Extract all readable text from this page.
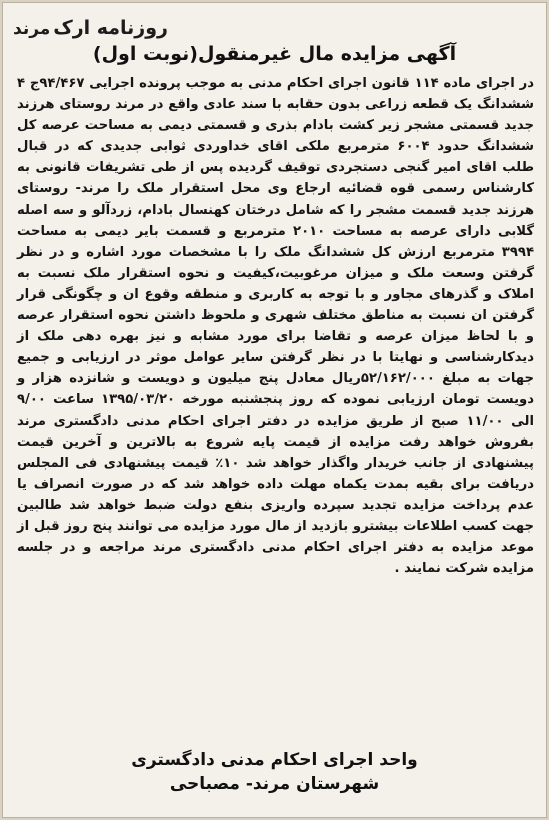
روزنامه ارک
مرند
آگهی مزایده مال غیرمنقول(نوبت اول)

در اجرای ماده ۱۱۴ قانون اجرای احکام مدنی به موجب پرونده اجرایی ۹۴/۴۶۷ج ۴ ششدانگ یک قطعه زراعی بدون حقابه با سند عادی واقع در مرند روستای هرزند جدید قسمتی مشجر زیر کشت بادام بذری و قسمتی دیمی به مساحت عرصه کل ششدانگ حدود ۶۰۰۴ مترمربع ملکی اقای خداوردی ثوابی جدیدی که در قبال طلب اقای امیر گنجی دستجردی توقیف گردیده پس از طی تشریفات قانونی به کارشناس رسمی قوه قضائیه ارجاع وی محل استقرار ملک را مرند- روستای هرزند جدید قسمت مشجر را که شامل درختان کهنسال بادام، زردآلو و سه اصله گلابی دارای عرصه به مساحت ۲۰۱۰ مترمربع و قسمت بایر دیمی به مساحت ۳۹۹۴ مترمربع ارزش کل ششدانگ ملک را با مشخصات مورد اشاره و در نظر گرفتن وسعت ملک و میزان مرغوبیت،کیفیت و نحوه استقرار ملک نسبت به املاک و گذرهای مجاور و با توجه به کاربری و منطقه وقوع ان و چگونگی قرار گرفتن ان نسبت به مناطق مختلف شهری و ملحوظ داشتن نحوه استقرار عرصه و با لحاظ میزان عرصه و تقاضا برای مورد مشابه و نیز بهره دهی ملک از دیدکارشناسی و نهایتا با در نظر گرفتن سایر عوامل موثر در ارزیابی و جمیع جهات به مبلغ ۵۲/۱۶۲/۰۰۰ریال معادل پنج میلیون و دویست و شانزده هزار و دویست تومان ارزیابی نموده که روز پنجشنبه مورخه ۱۳۹۵/۰۳/۲۰ ساعت ۹/۰۰ الی ۱۱/۰۰ صبح از طریق مزایده در دفتر اجرای احکام مدنی دادگستری مرند بفروش خواهد رفت مزایده از قیمت پایه شروع به بالاترین و آخرین قیمت پیشنهادی از جانب خریدار واگذار خواهد شد ۱۰٪ قیمت پیشنهادی فی المجلس دریافت برای بقیه بمدت یکماه مهلت داده خواهد شد که در صورت انصراف یا عدم پرداخت مزایده تجدید سپرده واریزی بنفع دولت ضبط خواهد شد طالبین جهت کسب اطلاعات بیشترو بازدید از مال مورد مزایده می توانند پنج روز قبل از موعد مزایده به دفتر اجرای احکام مدنی دادگستری مرند مراجعه و در جلسه مزایده شرکت نمایند .

واحد اجرای احکام مدنی دادگستری
شهرستان مرند- مصباحی
